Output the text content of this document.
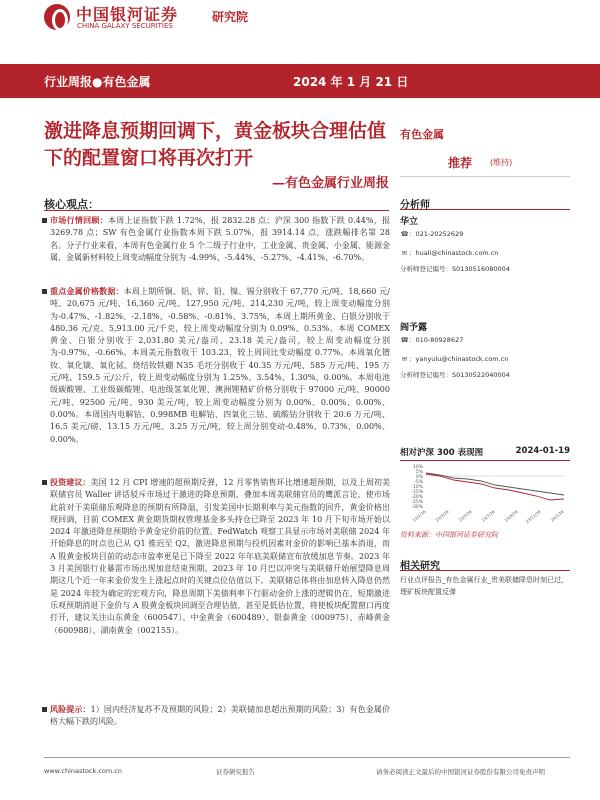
中国银河证券
CHINA GALAXY SECURITIES
研究院
行业周报●有色金属	2024 年 1 月 21 日
激进降息预期回调下，黄金板块合理估值下的配置窗口将再次打开
—有色金属行业周报
核心观点：
市场行情回顾：本周上证指数下跌 1.72%，报 2832.28 点；沪深 300 指数下跌 0.44%，报 3269.78 点；SW 有色金属行业指数本周下跌 5.07%，报 3914.14 点，涨跌幅排名第 28 名。分子行业来看，本周有色金属行业 5 个二级子行业中，工业金属、贵金属、小金属、能源金属、金属新材料较上周变动幅度分别为 -4.99%、-5.44%、-5.27%、-4.41%、-6.70%。
重点金属价格数据：本周上期所铜、铝、锌、铅、镍、锡分别收于 67,770 元/吨、18,660 元/吨、20,675 元/吨、16,360 元/吨、127,950 元/吨、214,230 元/吨，较上周变动幅度分别为-0.47%、-1.82%、-2.18%、-0.58%、-0.81%、3.75%，本周上期所黄金、白银分别收于 480.36 元/克、5,913.00 元/千克，较上周变动幅度分别为 0.09%、0.53%。本周 COMEX 黄金、白银分别收于 2,031.80 美元/盎司、23.18 美元/盎司，较上周变动幅度分别为-0.97%、-0.66%。本周美元指数收于 103.23，较上周同比变动幅度 0.77%。本周氧化镨钕、氧化镝、氧化铽、烧结钕铁硼 N35 毛坯分别收于 40.35 万元/吨、585 万元/吨、195 万元/吨、159.5 元/公斤，较上周变动幅度分别为 1.25%、3.54%、1.30%、0.00%。本周电池级碳酸锂、工业级碳酸锂、电池级氢氧化锂、澳洲锂精矿价格分别收于 97000 元/吨、90000 元/吨、92500 元/吨、930 美元/吨，较上周变动幅度分别为 0.00%、0.00%、0.00%、0.00%。本周国内电解钴、0.998MB 电解钴、四氧化三钴、硫酸钴分别收于 20.6 万元/吨、16.5 美元/磅、13.15 万元/吨、3.25 万元/吨，较上周分别变动-0.48%、0.73%、0.00%、0.00%。
投资建议：美国 12 月 CPI 增速的超预期反弹，12 月零售销售环比增速超预期，以及上周初美联储官员 Waller 讲话驳斥市场过于激进的降息预期，叠加本周美联储官员的鹰派言论，使市场此前对于美联储乐观降息的预期有所降温，引发美国中长期利率与美元指数的回升，黄金价格出现回调，目前 COMEX 黄金期货期权管理基金多头持仓已降至 2023 年 10 月下旬市场开始以 2024 年激进降息预期给予黄金定价前的位置。FedWatch 观察工具显示市场对美联储 2024 年开始降息的时点也已从 Q1 推迟至 Q2，激进降息预期与投机因素对金价的影响已基本消退，而 A 股黄金板块目前的动态市盈率更是已下降至 2022 年年底美联储宣布放缓加息节奏。2023 年 3 月美国银行业暴雷市场出现加息结束预期。2023 年 10 月巴以冲突与美联储开始展望降息周期这几个近一年来金价发生上涨起点时的关键点位估值以下。美联储总体将由加息转入降息仍然是 2024 年较为确定的宏观方向，降息周期下美债利率下行驱动金价上涨的逻辑仍在，短期激进乐观预期消退下金价与 A 股黄金板块回调至合理估值，甚至是低估位置，将使板块配置窗口再度打开，建议关注山东黄金（600547）、中金黄金（600489）、银泰黄金（000975）、赤峰黄金（600988）、湖南黄金（002155）。
风险提示：1）国内经济复苏不及预期的风险；2）美联储加息超出预期的风险；3）有色金属价格大幅下跌的风险。
有色金属
推荐 (维持)
分析师
华立
☎：021-20252629
✉ ：huali@chinastock.com.cn
分析师登记编号：S0130516080004
阎予露
☎：010-80928627
✉ ：yanyulu@chinastock.com.cn
分析师登记编号：S0130522040004
相对沪深 300 表现图	2024-01-19
10%
5%
0%
-5%
-10%
-15%
-20%
-25%
-30%
23/1/16 23/3/16 23/5/16 23/7/16 23/9/16 23/11/16 24/1/16
资料来源：中国银河证券研究院
相关研究
行业点评报告_有色金属行业_贵美联储降息时刻已过，理矿板块配置反弹
www.chinastock.com.cn	证券研究报告	请务必阅读正文最后的中国银河证券股份有限公司免责声明
